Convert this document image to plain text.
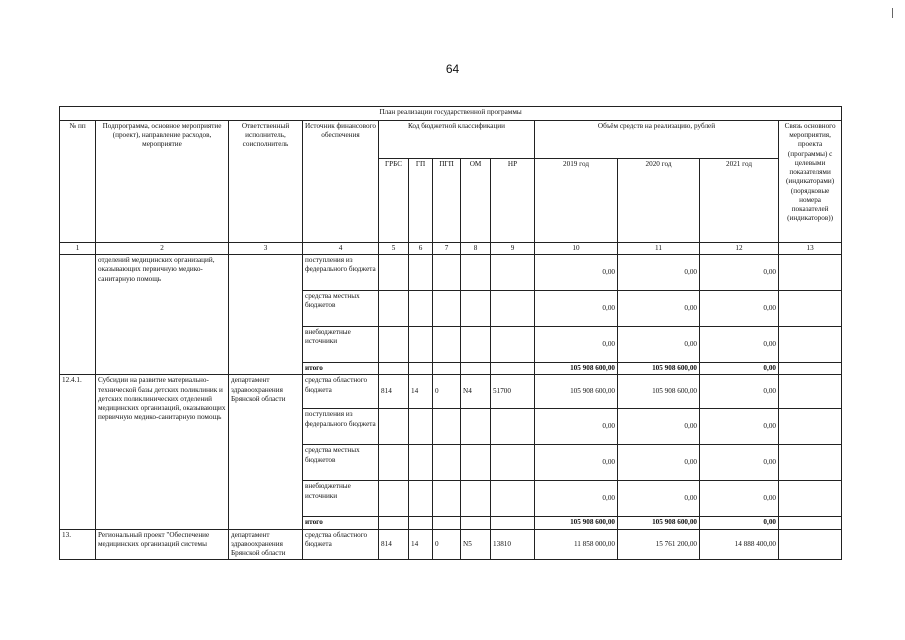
64
План реализации государственной программы												
№ пп	Подпрограмма, основное мероприятие (проект), направление расходов, мероприятие	Ответственный исполнитель, соисполнитель	Источник финансового обеспечения	Код бюджетной классификации					Объём средств на реализацию, рублей			Связь основного мероприятия, проекта (программы) с целевыми показателями (индикаторами) (порядковые номера показателей (индикаторов))
				ГРБС	ГП	ПГП	ОМ	НР	2019 год	2020 год	2021 год	
1	2	3	4	5	6	7	8	9	10	11	12	13
	отделений медицинских организаций, оказывающих первичную медико-санитарную помощь		поступления из федерального бюджета						0,00	0,00	0,00	
			средства местных бюджетов						0,00	0,00	0,00	
			внебюджетные источники						0,00	0,00	0,00	
			итого						105 908 600,00	105 908 600,00	0,00	
12.4.1.	Субсидии на развитие материально-технической базы детских поликлиник и детских поликлинических отделений медицинских организаций, оказывающих первичную медико-санитарную помощь	департамент здравоохранения Брянской области	средства областного бюджета	814	14	0	N4	51700	105 908 600,00	105 908 600,00	0,00	
			поступления из федерального бюджета						0,00	0,00	0,00	
			средства местных бюджетов						0,00	0,00	0,00	
			внебюджетные источники						0,00	0,00	0,00	
			итого						105 908 600,00	105 908 600,00	0,00	
13.	Региональный проект "Обеспечение медицинских организаций системы	департамент здравоохранения Брянской области	средства областного бюджета	814	14	0	N5	13810	11 858 000,00	15 761 200,00	14 888 400,00	
